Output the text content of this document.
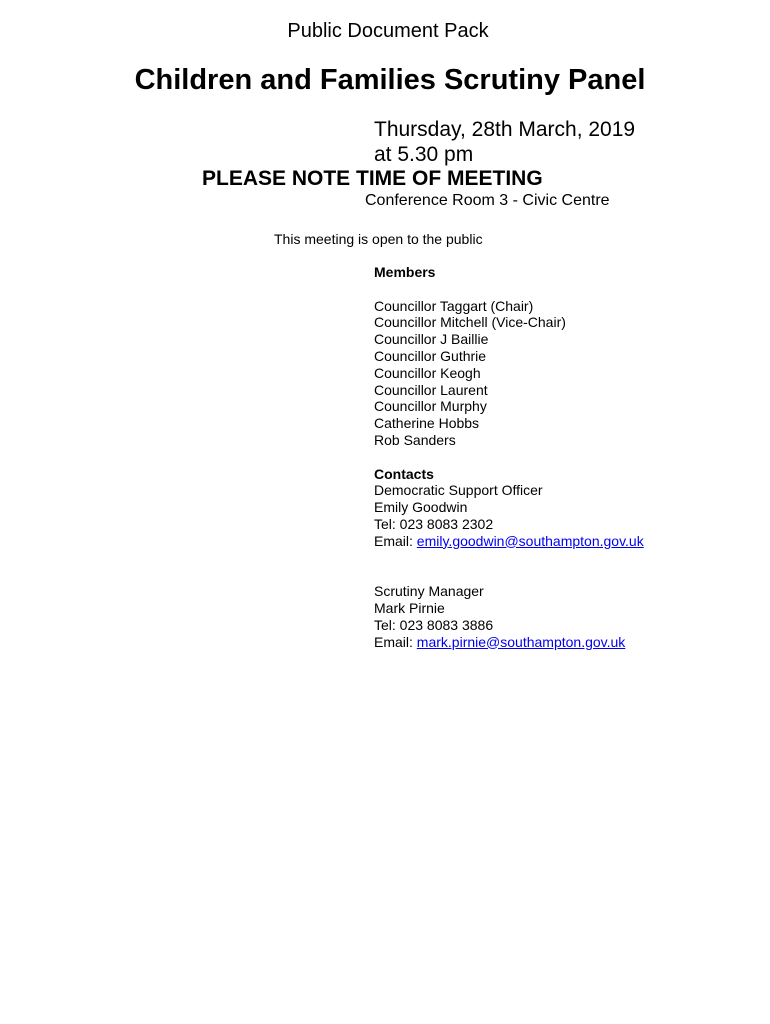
Public Document Pack
Children and Families Scrutiny Panel
Thursday, 28th March, 2019
at 5.30 pm
PLEASE NOTE TIME OF MEETING
Conference Room 3 - Civic Centre
This meeting is open to the public
Members
Councillor Taggart (Chair)
Councillor Mitchell (Vice-Chair)
Councillor J Baillie
Councillor Guthrie
Councillor Keogh
Councillor Laurent
Councillor Murphy
Catherine Hobbs
Rob Sanders
Contacts
Democratic Support Officer
Emily Goodwin
Tel: 023 8083 2302
Email: emily.goodwin@southampton.gov.uk
Scrutiny Manager
Mark Pirnie
Tel: 023 8083 3886
Email: mark.pirnie@southampton.gov.uk
